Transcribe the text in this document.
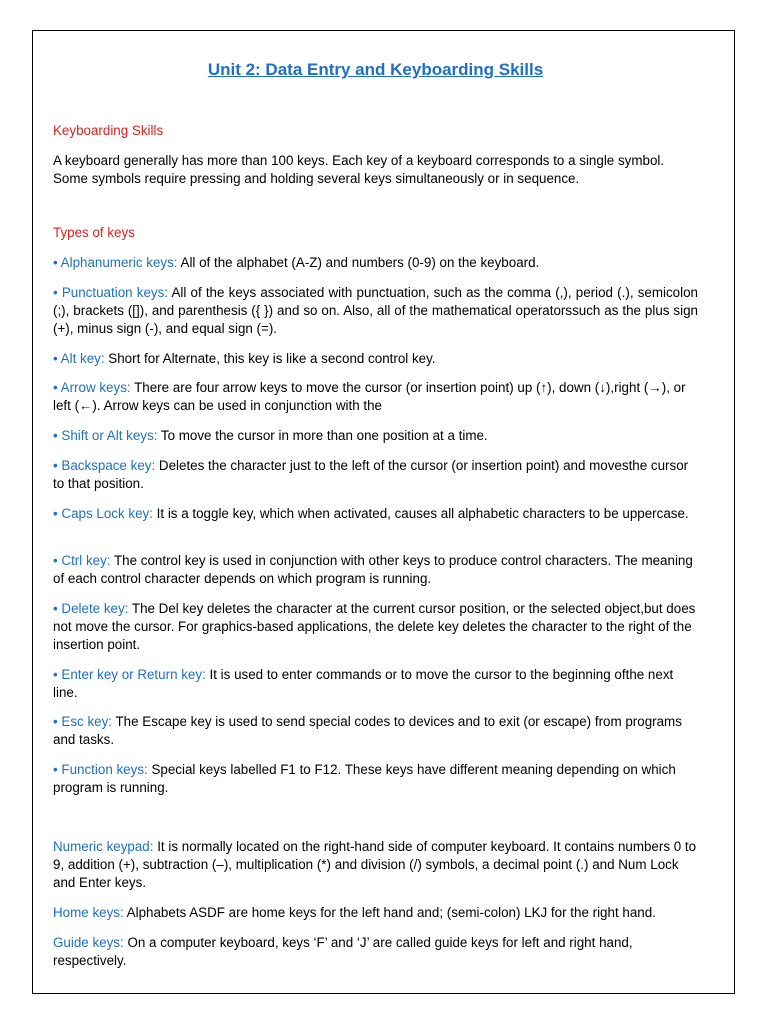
Unit 2: Data Entry and Keyboarding Skills

Keyboarding Skills

A keyboard generally has more than 100 keys. Each key of a keyboard corresponds to a single symbol. Some symbols require pressing and holding several keys simultaneously or in sequence.

Types of keys

• Alphanumeric keys: All of the alphabet (A-Z) and numbers (0-9) on the keyboard.

• Punctuation keys: All of the keys associated with punctuation, such as the comma (,), period (.), semicolon (;), brackets ([]), and parenthesis ({ }) and so on. Also, all of the mathematical operatorssuch as the plus sign (+), minus sign (-), and equal sign (=).

• Alt key: Short for Alternate, this key is like a second control key.

• Arrow keys: There are four arrow keys to move the cursor (or insertion point) up (↑), down (↓),right (→), or left (←). Arrow keys can be used in conjunction with the

• Shift or Alt keys: To move the cursor in more than one position at a time.

• Backspace key: Deletes the character just to the left of the cursor (or insertion point) and movesthe cursor to that position.

• Caps Lock key: It is a toggle key, which when activated, causes all alphabetic characters to be uppercase.

• Ctrl key: The control key is used in conjunction with other keys to produce control characters. The meaning of each control character depends on which program is running.

• Delete key: The Del key deletes the character at the current cursor position, or the selected object,but does not move the cursor. For graphics-based applications, the delete key deletes the character to the right of the insertion point.

• Enter key or Return key: It is used to enter commands or to move the cursor to the beginning ofthe next line.

• Esc key: The Escape key is used to send special codes to devices and to exit (or escape) from programs and tasks.

• Function keys: Special keys labelled F1 to F12. These keys have different meaning depending on which program is running.

Numeric keypad: It is normally located on the right-hand side of computer keyboard. It contains numbers 0 to 9, addition (+), subtraction (–), multiplication (*) and division (/) symbols, a decimal point (.) and Num Lock and Enter keys.

Home keys: Alphabets ASDF are home keys for the left hand and; (semi-colon) LKJ for the right hand.

Guide keys: On a computer keyboard, keys ‘F’ and ‘J’ are called guide keys for left and right hand, respectively.
